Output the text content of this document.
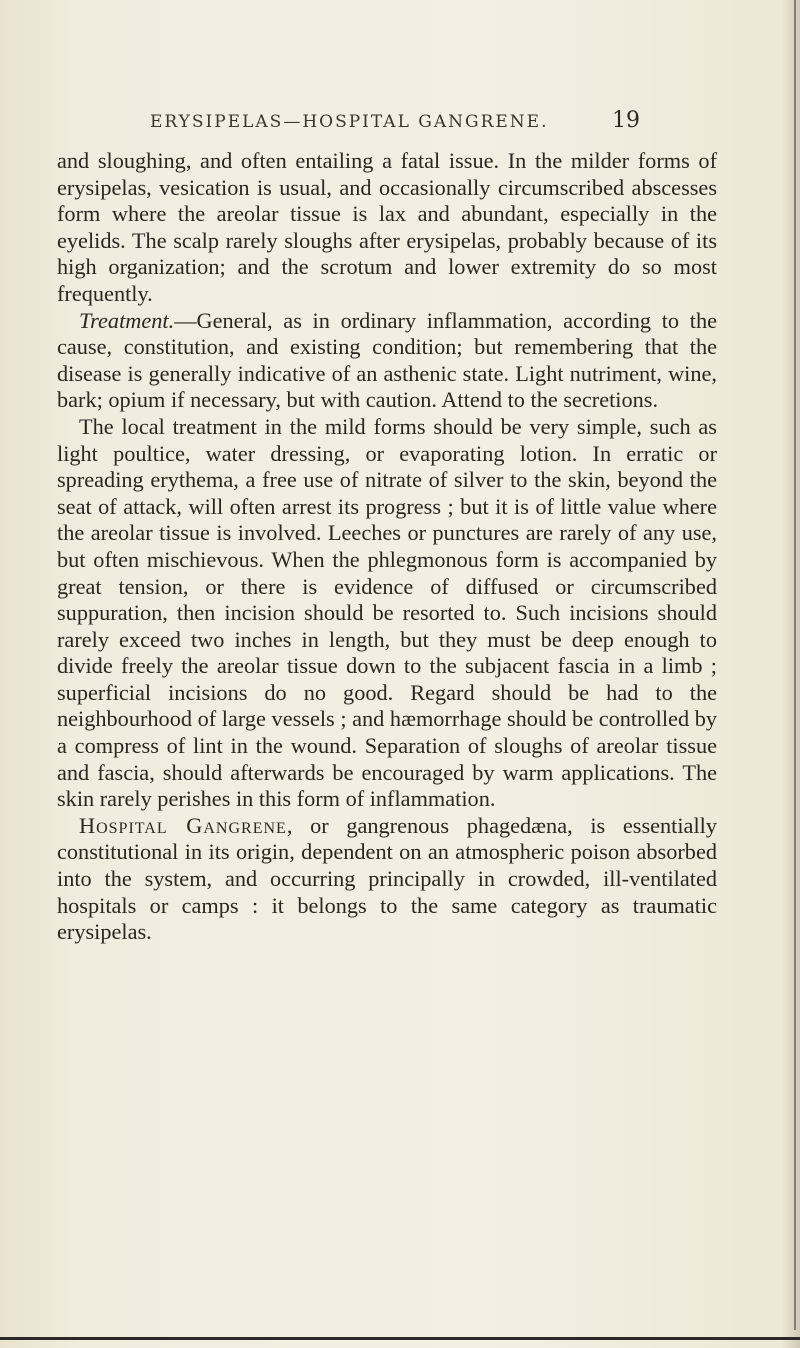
ERYSIPELAS—HOSPITAL GANGRENE.	19

and sloughing, and often entailing a fatal issue. In the milder forms of erysipelas, vesication is usual, and occasionally circumscribed abscesses form where the areolar tissue is lax and abundant, especially in the eyelids. The scalp rarely sloughs after erysipelas, probably because of its high organization; and the scrotum and lower extremity do so most frequently.

Treatment.—General, as in ordinary inflammation, according to the cause, constitution, and existing condition; but remembering that the disease is generally indicative of an asthenic state. Light nutriment, wine, bark; opium if necessary, but with caution. Attend to the secretions.

The local treatment in the mild forms should be very simple, such as light poultice, water dressing, or evaporating lotion. In erratic or spreading erythema, a free use of nitrate of silver to the skin, beyond the seat of attack, will often arrest its progress ; but it is of little value where the areolar tissue is involved. Leeches or punctures are rarely of any use, but often mischievous. When the phlegmonous form is accompanied by great tension, or there is evidence of diffused or circumscribed suppuration, then incision should be resorted to. Such incisions should rarely exceed two inches in length, but they must be deep enough to divide freely the areolar tissue down to the subjacent fascia in a limb ; superficial incisions do no good. Regard should be had to the neighbourhood of large vessels ; and hæmorrhage should be controlled by a compress of lint in the wound. Separation of sloughs of areolar tissue and fascia, should afterwards be encouraged by warm applications. The skin rarely perishes in this form of inflammation.

Hospital Gangrene, or gangrenous phagedæna, is essentially constitutional in its origin, dependent on an atmospheric poison absorbed into the system, and occurring principally in crowded, ill-ventilated hospitals or camps : it belongs to the same category as traumatic erysipelas.
